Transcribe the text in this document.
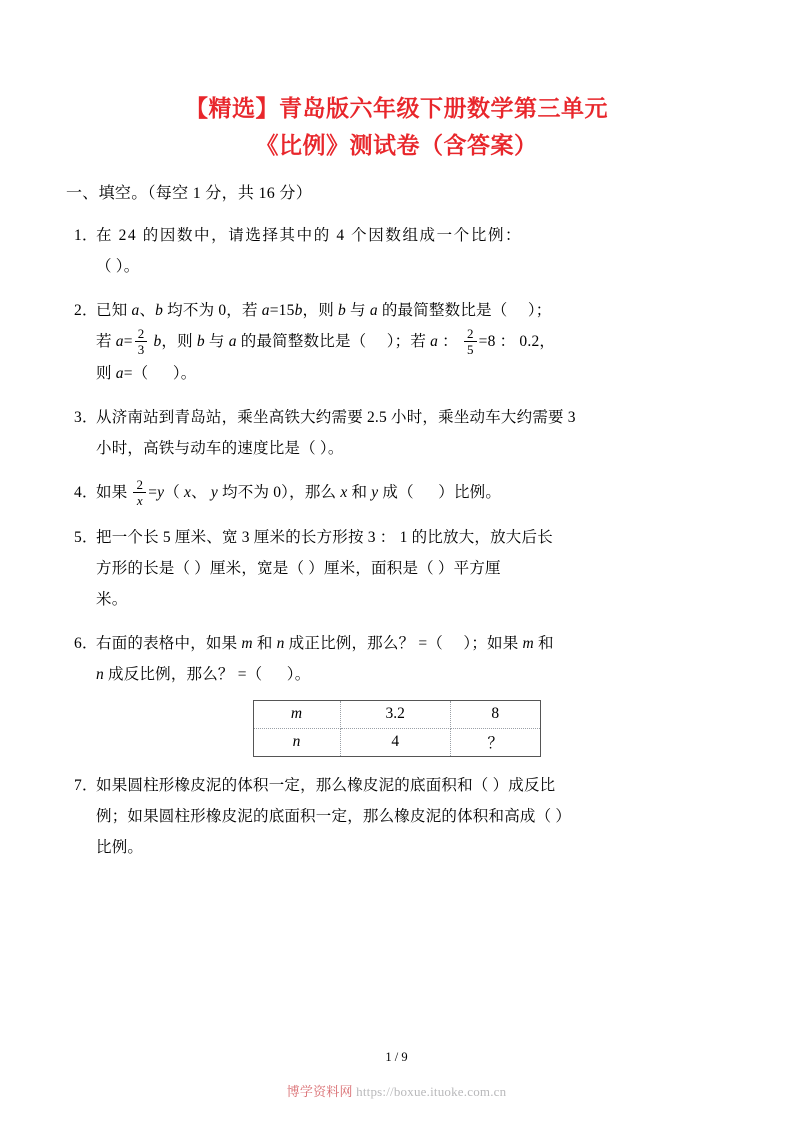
【精选】青岛版六年级下册数学第三单元
《比例》测试卷（含答案）
一、填空。（每空 1 分，共 16 分）
1．

在 24 的因数中，请选择其中的 4 个因数组成一个比例：

（ ）。

2．

已知 a、b 均不为 0，若 a=15b，则 b 与 a 的最简整数比是（     ）；

若 $a= \frac{2}{3}$ b，则 b 与 a 的最简整数比是（     ）；若 a ： $\frac{2}{5} =8$ ： 0.2，

则 a=（      ）。

3．

从济南站到青岛站，乘坐高铁大约需要 2.5 小时，乘坐动车大约需要 3

小时，高铁与动车的速度比是（ ）。

4．

如果 $\frac{2}{x} =y$（ x、 y 均不为 0），那么 x 和 y 成（      ）比例。

5．

把一个长 5 厘米、宽 3 厘米的长方形按 3 ： 1 的比放大，放大后长

方形的长是（ ）厘米，宽是（ ）厘米，面积是（ ）平方厘

米。

6．

右面的表格中，如果 m 和 n 成正比例，那么？ =（     ）；如果 m 和

n 成反比例，那么？ =（      ）。

m	3.2	8
n	4	？
7．

如果圆柱形橡皮泥的体积一定，那么橡皮泥的底面积和（ ）成反比

例；如果圆柱形橡皮泥的底面积一定，那么橡皮泥的体积和高成（ ）

比例。

1 / 9
博学资料网 https://boxue.ituoke.com.cn
